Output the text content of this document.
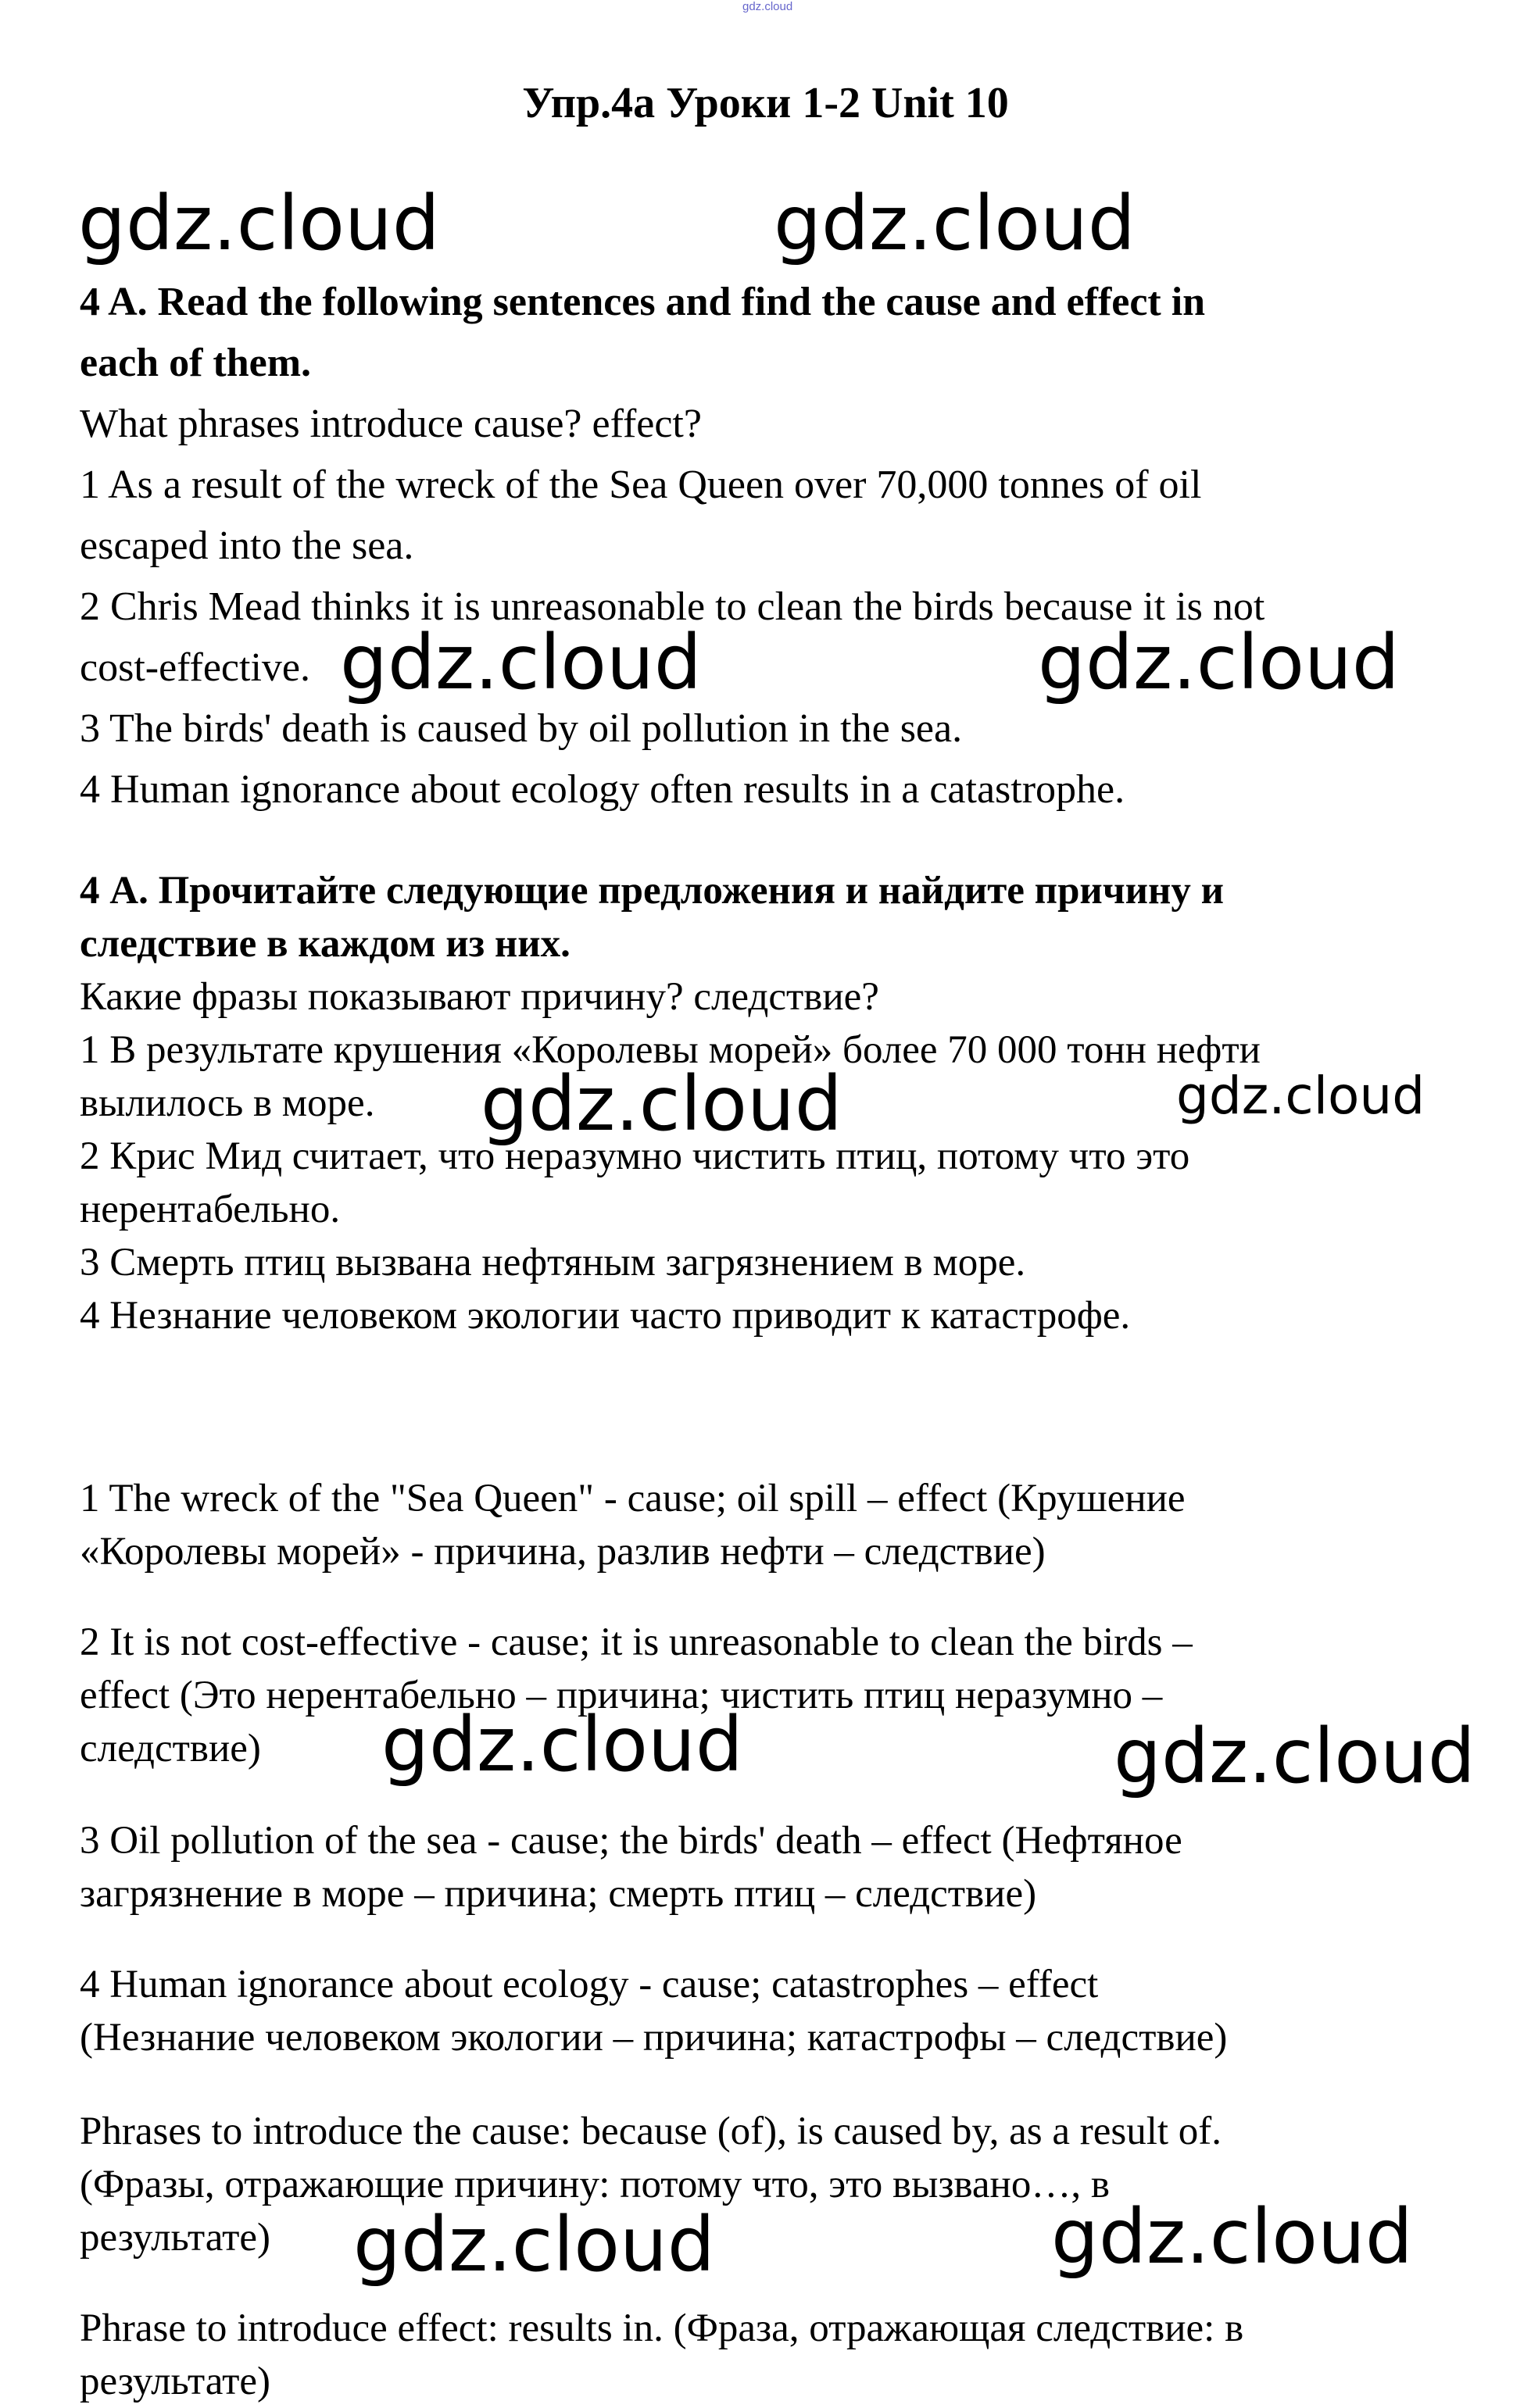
gdz.cloud
Упр.4а Уроки 1-2 Unit 10
gdz.cloud	gdz.cloud
4 A. Read the following sentences and find the cause and effect in
each of them.
What phrases introduce cause? effect?
1 As a result of the wreck of the Sea Queen over 70,000 tonnes of oil
escaped into the sea.
2 Chris Mead thinks it is unreasonable to clean the birds because it is not
cost-effective. gdz.cloud	gdz.cloud
3 The birds' death is caused by oil pollution in the sea.
4 Human ignorance about ecology often results in a catastrophe.
4 А. Прочитайте следующие предложения и найдите причину и
следствие в каждом из них.
Какие фразы показывают причину? следствие?
1 В результате крушения «Королевы морей» более 70 000 тонн нефти
вылилось в море. gdz.cloud	gdz.cloud
2 Крис Мид считает, что неразумно чистить птиц, потому что это
нерентабельно.
3 Смерть птиц вызвана нефтяным загрязнением в море.
4 Незнание человеком экологии часто приводит к катастрофе.
1 The wreck of the "Sea Queen" - cause; oil spill – effect (Крушение
«Королевы морей» - причина, разлив нефти – следствие)
2 It is not cost-effective - cause; it is unreasonable to clean the birds –
effect (Это нерентабельно – причина; чистить птиц неразумно –
следствие)	gdz.cloud	gdz.cloud
3 Oil pollution of the sea - cause; the birds' death – effect (Нефтяное
загрязнение в море – причина; смерть птиц – следствие)
4 Human ignorance about ecology - cause; catastrophes – effect
(Незнание человеком экологии – причина; катастрофы – следствие)
Phrases to introduce the cause: because (of), is caused by, as a result of.
(Фразы, отражающие причину: потому что, это вызвано…, в
результате)	gdz.cloud	gdz.cloud
Phrase to introduce effect: results in. (Фраза, отражающая следствие: в
результате)
